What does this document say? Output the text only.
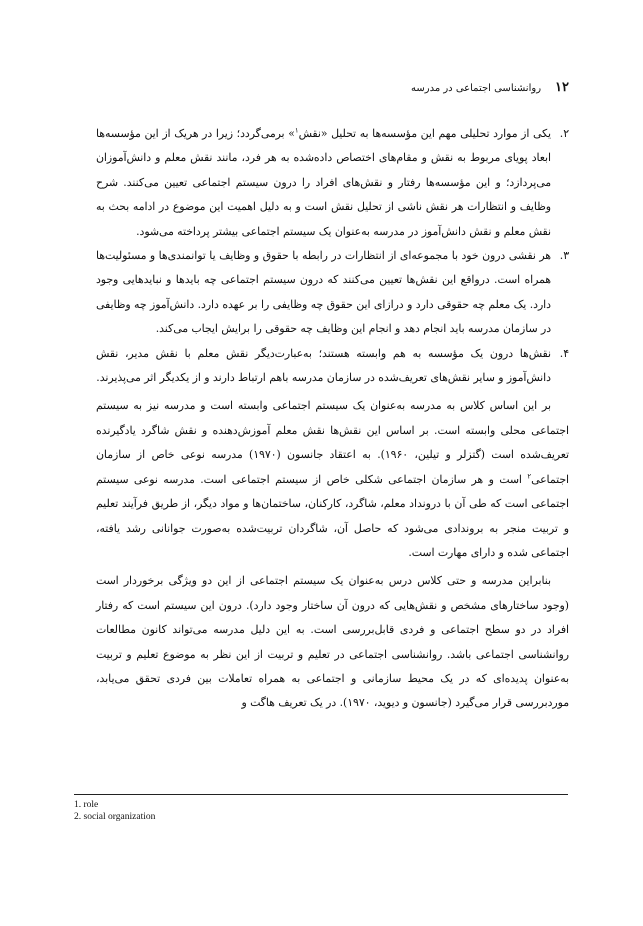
۱۲
روانشناسی اجتماعی در مدرسه
۲.
یکی از موارد تحلیلی مهم این مؤسسه‌ها به تحلیل «نقش$^۱$» برمی‌گردد؛ زیرا در هریک از این مؤسسه‌ها ابعاد پویای مربوط به نقش و مقام‌های اختصاص داده‌شده به هر فرد، مانند نقش معلم و دانش‌آموزان می‌پردازد؛ و این مؤسسه‌ها رفتار و نقش‌های افراد را درون سیستم اجتماعی تعیین می‌کنند. شرح وظایف و انتظارات هر نقش ناشی از تحلیل نقش است و به دلیل اهمیت این موضوع در ادامه بحث به نقش معلم و نقش دانش‌آموز در مدرسه به‌عنوان یک سیستم اجتماعی بیشتر پرداخته می‌شود.
۳.
هر نقشی درون خود با مجموعه‌ای از انتظارات در رابطه با حقوق و وظایف یا توانمندی‌ها و مسئولیت‌ها همراه است. درواقع این نقش‌ها تعیین می‌کنند که درون سیستم اجتماعی چه بایدها و نبایدهایی وجود دارد. یک معلم چه حقوقی دارد و درازای این حقوق چه وظایفی را بر عهده دارد. دانش‌آموز چه وظایفی در سازمان مدرسه باید انجام دهد و انجام این وظایف چه حقوقی را برایش ایجاب می‌کند.
۴.
نقش‌ها درون یک مؤسسه به هم وابسته هستند؛ به‌عبارت‌دیگر نقش معلم با نقش مدیر، نقش دانش‌آموز و سایر نقش‌های تعریف‌شده در سازمان مدرسه باهم ارتباط دارند و از یکدیگر اثر می‌پذیرند.

بر این اساس کلاس به مدرسه به‌عنوان یک سیستم اجتماعی وابسته است و مدرسه نیز به سیستم اجتماعی محلی وابسته است. بر اساس این نقش‌ها نقش معلم آموزش‌دهنده و نقش شاگرد یادگیرنده تعریف‌شده است (گتزلر و تیلین، ۱۹۶۰). به اعتقاد جانسون (۱۹۷۰) مدرسه نوعی خاص از سازمان اجتماعی$^۲$ است و هر سازمان اجتماعی شکلی خاص از سیستم اجتماعی است. مدرسه نوعی سیستم اجتماعی است که طی آن با درونداد معلم، شاگرد، کارکنان، ساختمان‌ها و مواد دیگر، از طریق فرآیند تعلیم و تربیت منجر به بروندادی می‌شود که حاصل آن، شاگردان تربیت‌شده به‌صورت جوانانی رشد یافته، اجتماعی شده و دارای مهارت است.

بنابراین مدرسه و حتی کلاس درس به‌عنوان یک سیستم اجتماعی از این دو ویژگی برخوردار است (وجود ساختارهای مشخص و نقش‌هایی که درون آن ساختار وجود دارد). درون این سیستم است که رفتار افراد در دو سطح اجتماعی و فردی قابل‌بررسی است. به این دلیل مدرسه می‌تواند کانون مطالعات روانشناسی اجتماعی باشد. روانشناسی اجتماعی در تعلیم و تربیت از این نظر به موضوع تعلیم و تربیت به‌عنوان پدیده‌ای که در یک محیط سازمانی و اجتماعی به همراه تعاملات بین فردی تحقق می‌یابد، موردبررسی قرار می‌گیرد (جانسون و دیوید، ۱۹۷۰). در یک تعریف هاگت و

1. role
2. social organization
